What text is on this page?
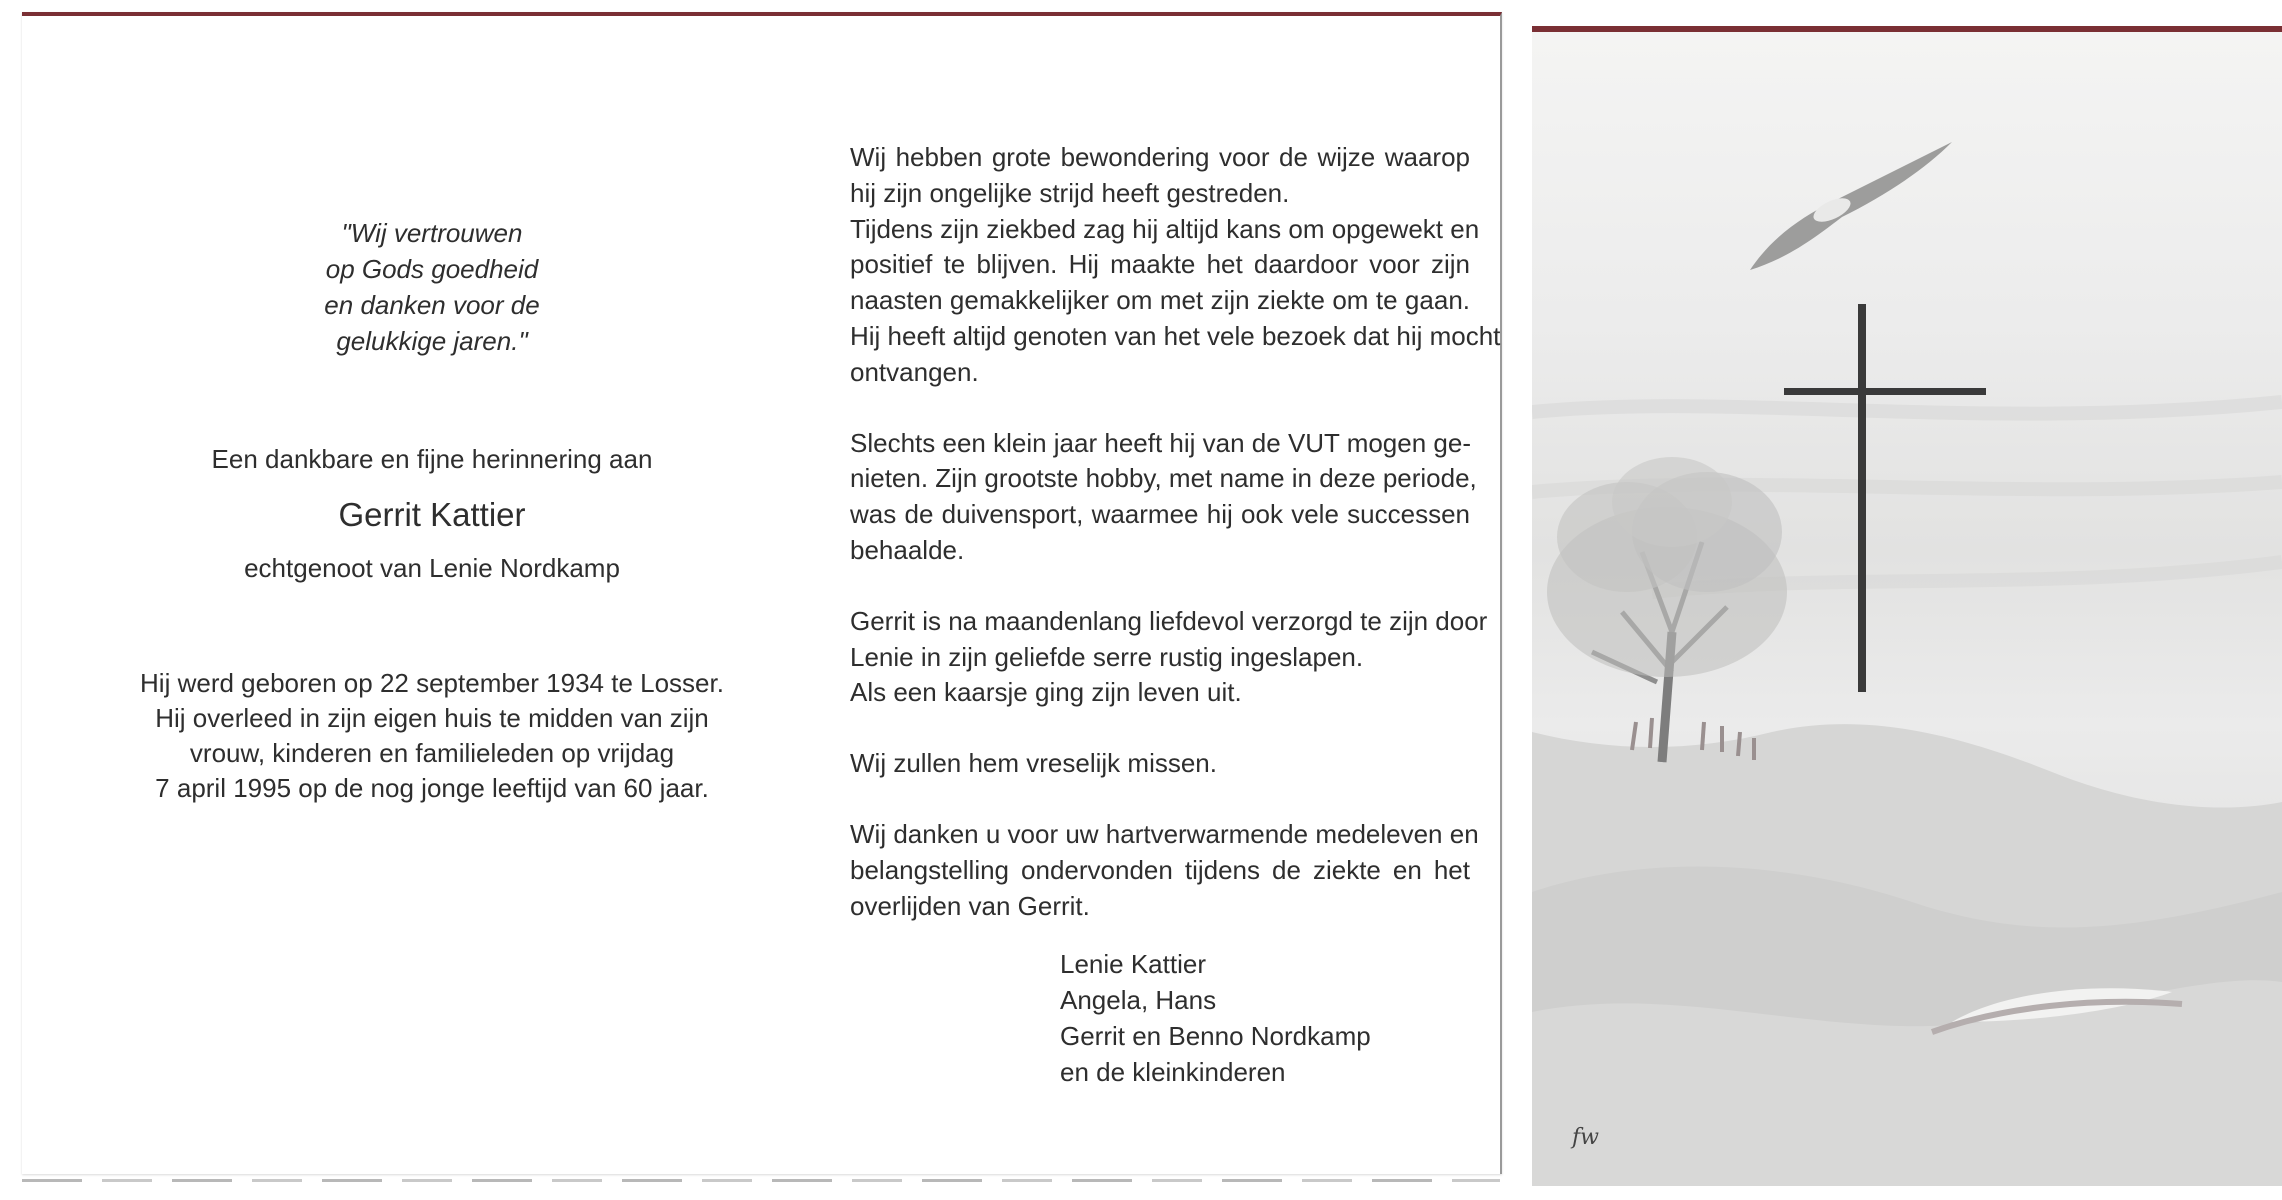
"Wij vertrouwen
op Gods goedheid
en danken voor de
gelukkige jaren."
Een dankbare en fijne herinnering aan
Gerrit Kattier
echtgenoot van Lenie Nordkamp
Hij werd geboren op 22 september 1934 te Losser.
Hij overleed in zijn eigen huis te midden van zijn
vrouw, kinderen en familieleden op vrijdag
7 april 1995 op de nog jonge leeftijd van 60 jaar.
Wij hebben grote bewondering voor de wijze waarop
hij zijn ongelijke strijd heeft gestreden.
Tijdens zijn ziekbed zag hij altijd kans om opgewekt en
positief te blijven. Hij maakte het daardoor voor zijn
naasten gemakkelijker om met zijn ziekte om te gaan.
Hij heeft altijd genoten van het vele bezoek dat hij mocht
ontvangen.
Slechts een klein jaar heeft hij van de VUT mogen ge-
nieten. Zijn grootste hobby, met name in deze periode,
was de duivensport, waarmee hij ook vele successen
behaalde.
Gerrit is na maandenlang liefdevol verzorgd te zijn door
Lenie in zijn geliefde serre rustig ingeslapen.
Als een kaarsje ging zijn leven uit.
Wij zullen hem vreselijk missen.
Wij danken u voor uw hartverwarmende medeleven en
belangstelling ondervonden tijdens de ziekte en het
overlijden van Gerrit.
Lenie Kattier
Angela, Hans
Gerrit en Benno Nordkamp
en de kleinkinderen
fw
